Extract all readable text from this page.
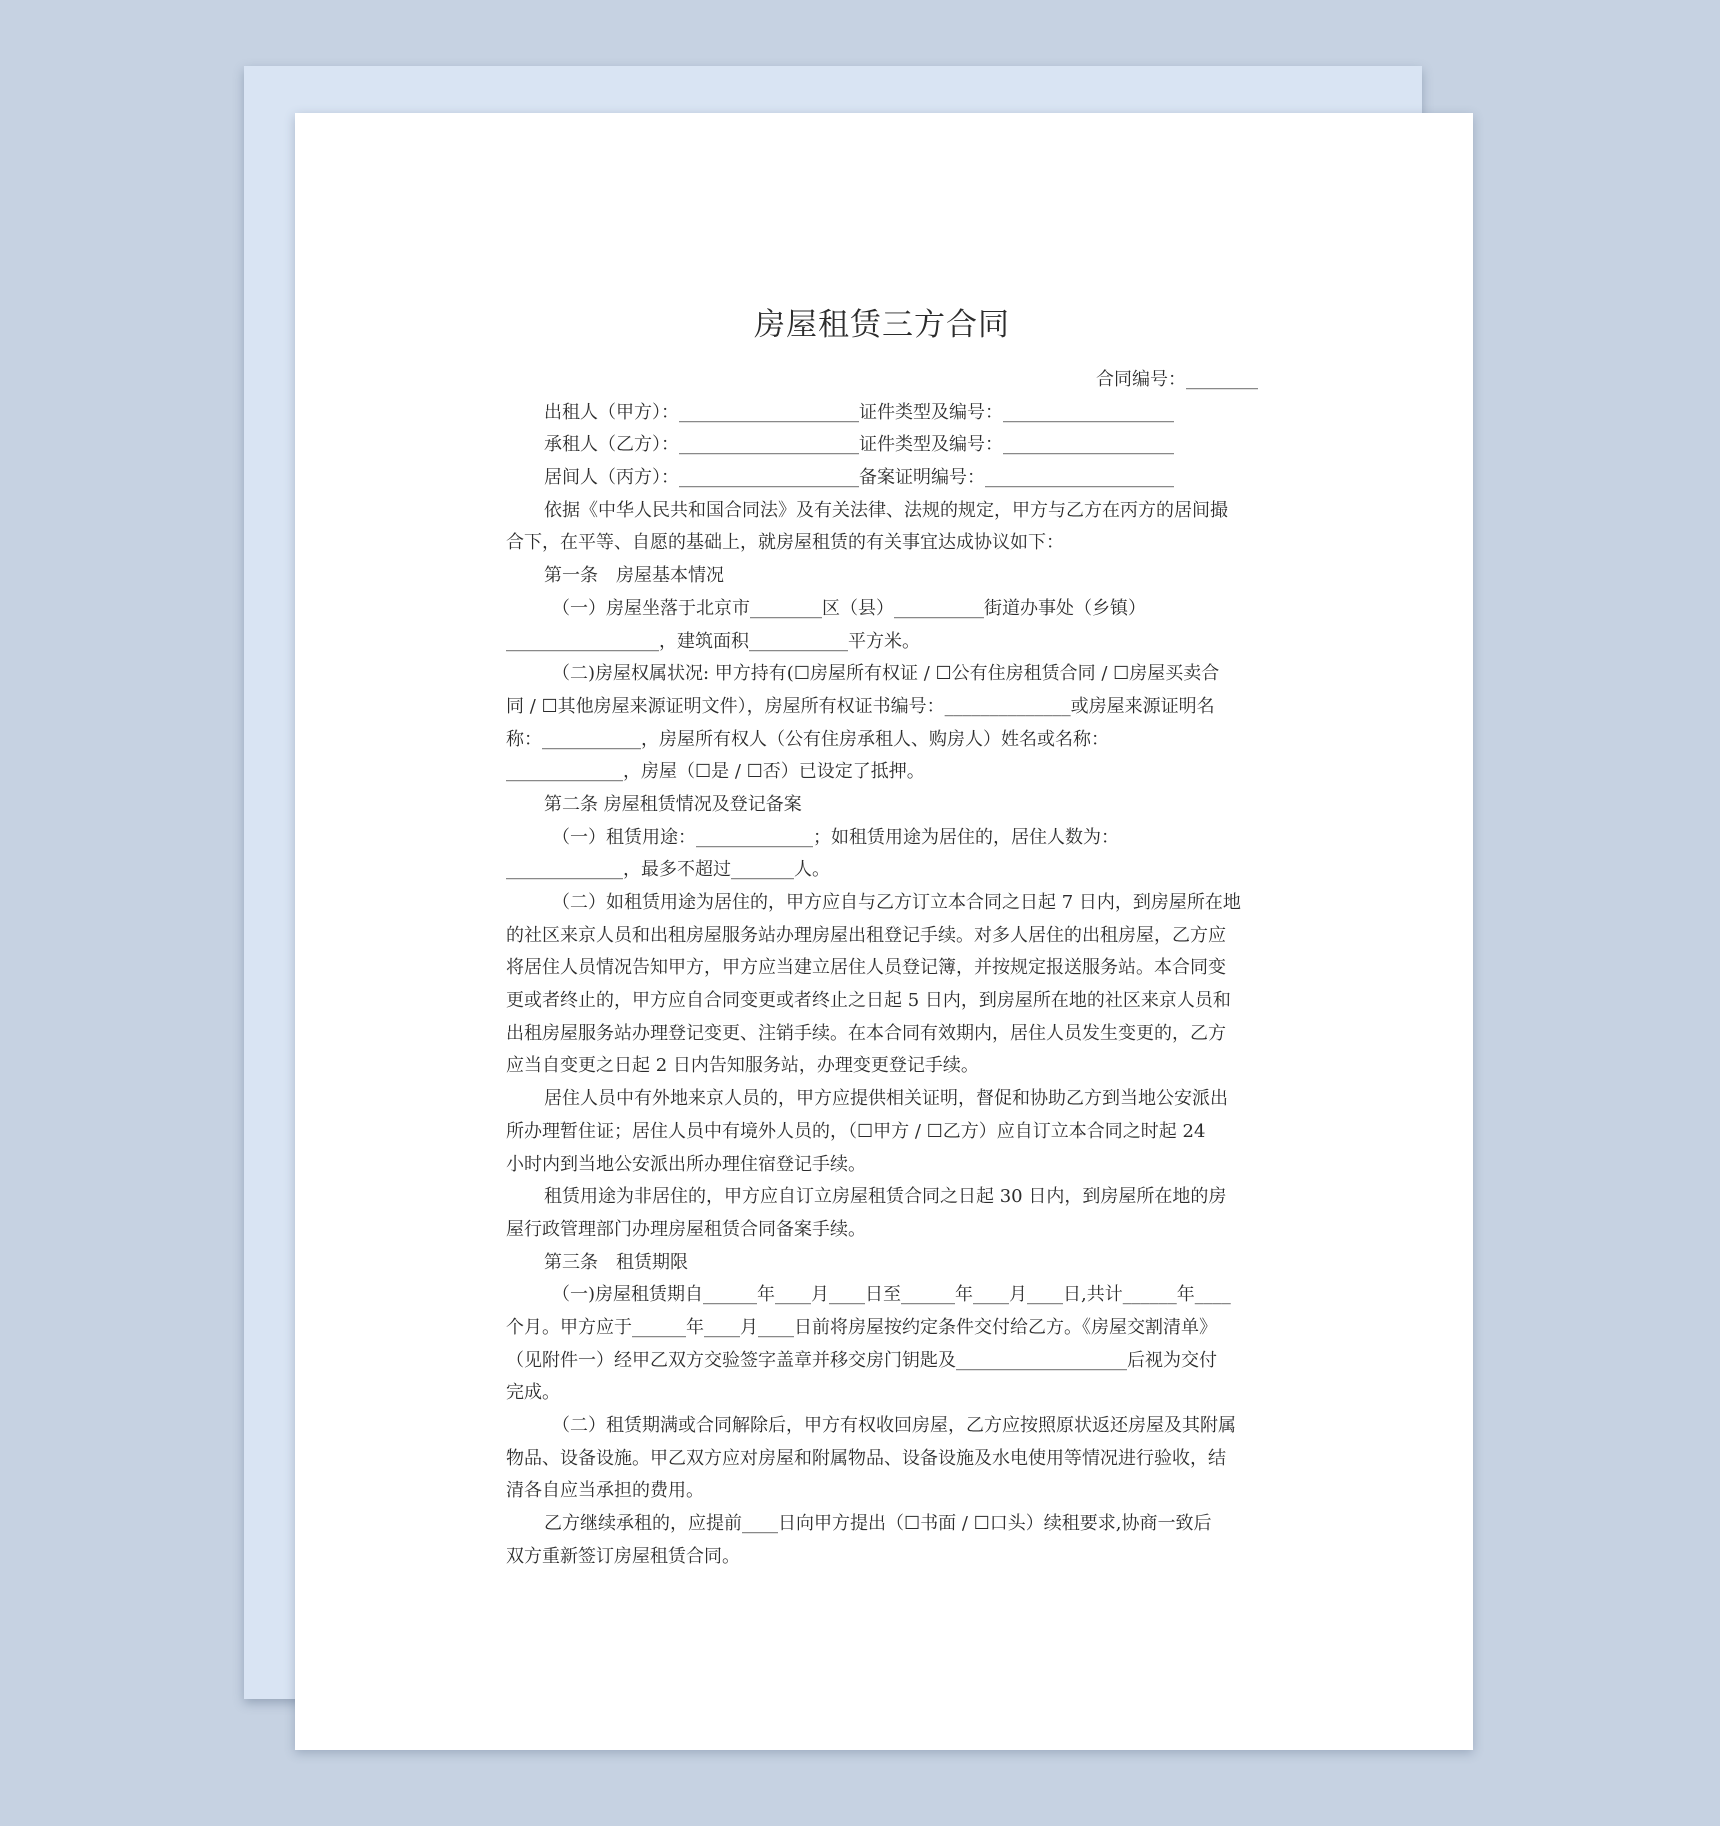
房屋租赁三方合同
合同编号：________
出租人（甲方）：____________________证件类型及编号：___________________
承租人（乙方）：____________________证件类型及编号：___________________
居间人（丙方）：____________________备案证明编号：_____________________
依据《中华人民共和国合同法》及有关法律、法规的规定，甲方与乙方在丙方的居间撮
合下，在平等、自愿的基础上，就房屋租赁的有关事宜达成协议如下：
第一条　房屋基本情况
（一）房屋坐落于北京市________区（县）__________街道办事处（乡镇）
_________________，建筑面积___________平方米。
（二)房屋权属状况: 甲方持有(☐房屋所有权证 / ☐公有住房租赁合同 / ☐房屋买卖合
同 / ☐其他房屋来源证明文件），房屋所有权证书编号：______________或房屋来源证明名
称：___________，房屋所有权人（公有住房承租人、购房人）姓名或名称：
_____________，房屋（☐是 / ☐否）已设定了抵押。
第二条 房屋租赁情况及登记备案
（一）租赁用途：_____________；如租赁用途为居住的，居住人数为：
_____________，最多不超过_______人。
（二）如租赁用途为居住的，甲方应自与乙方订立本合同之日起 7 日内，到房屋所在地
的社区来京人员和出租房屋服务站办理房屋出租登记手续。对多人居住的出租房屋，乙方应
将居住人员情况告知甲方，甲方应当建立居住人员登记簿，并按规定报送服务站。本合同变
更或者终止的，甲方应自合同变更或者终止之日起 5 日内，到房屋所在地的社区来京人员和
出租房屋服务站办理登记变更、注销手续。在本合同有效期内，居住人员发生变更的，乙方
应当自变更之日起 2 日内告知服务站，办理变更登记手续。
居住人员中有外地来京人员的，甲方应提供相关证明，督促和协助乙方到当地公安派出
所办理暂住证；居住人员中有境外人员的，（☐甲方 / ☐乙方）应自订立本合同之时起 24
小时内到当地公安派出所办理住宿登记手续。
租赁用途为非居住的，甲方应自订立房屋租赁合同之日起 30 日内，到房屋所在地的房
屋行政管理部门办理房屋租赁合同备案手续。
第三条　租赁期限
（一)房屋租赁期自______年____月____日至______年____月____日,共计______年____
个月。甲方应于______年____月____日前将房屋按约定条件交付给乙方。《房屋交割清单》
（见附件一）经甲乙双方交验签字盖章并移交房门钥匙及___________________后视为交付
完成。
（二）租赁期满或合同解除后，甲方有权收回房屋，乙方应按照原状返还房屋及其附属
物品、设备设施。甲乙双方应对房屋和附属物品、设备设施及水电使用等情况进行验收，结
清各自应当承担的费用。
乙方继续承租的，应提前____日向甲方提出（☐书面 / ☐口头）续租要求,协商一致后
双方重新签订房屋租赁合同。
